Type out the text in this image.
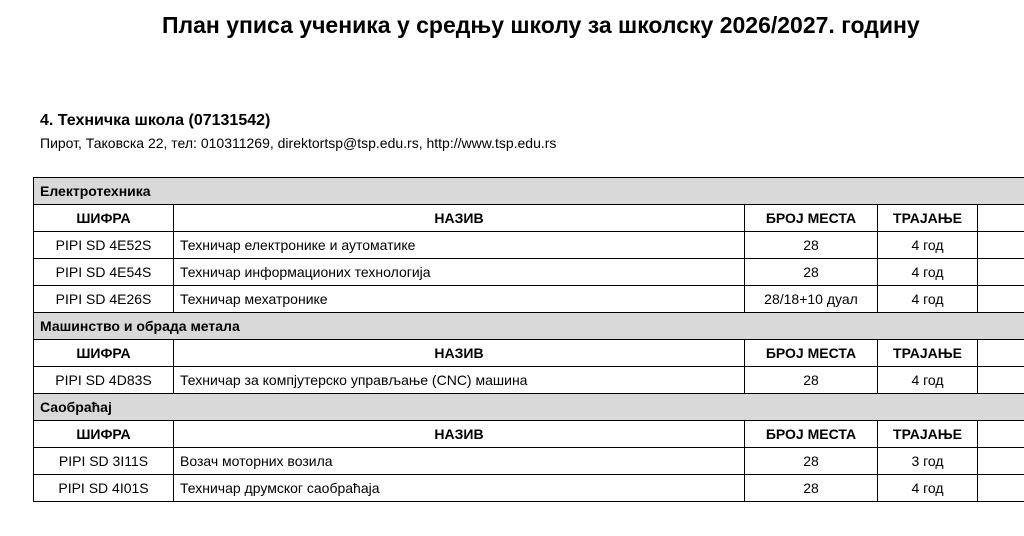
План уписа ученика у средњу школу за школску 2026/2027. годину
4. Техничка школа (07131542)
Пирот, Таковска 22, тел: 010311269, direktortsp@tsp.edu.rs, http://www.tsp.edu.rs
Електротехника				
ШИФРА	НАЗИВ	БРОЈ МЕСТА	ТРАЈАЊЕ	
PIPI SD 4E52S	Техничар електронике и аутоматике	28	4 год	
PIPI SD 4E54S	Техничар информационих технологија	28	4 год	
PIPI SD 4E26S	Техничар мехатронике	28/18+10 дуал	4 год	
Машинство и обрада метала				
ШИФРА	НАЗИВ	БРОЈ МЕСТА	ТРАЈАЊЕ	
PIPI SD 4D83S	Техничар за компјутерско управљање (CNC) машина	28	4 год	
Саобраћај				
ШИФРА	НАЗИВ	БРОЈ МЕСТА	ТРАЈАЊЕ	
PIPI SD 3I11S	Возач моторних возила	28	3 год	
PIPI SD 4I01S	Техничар друмског саобраћаја	28	4 год	
